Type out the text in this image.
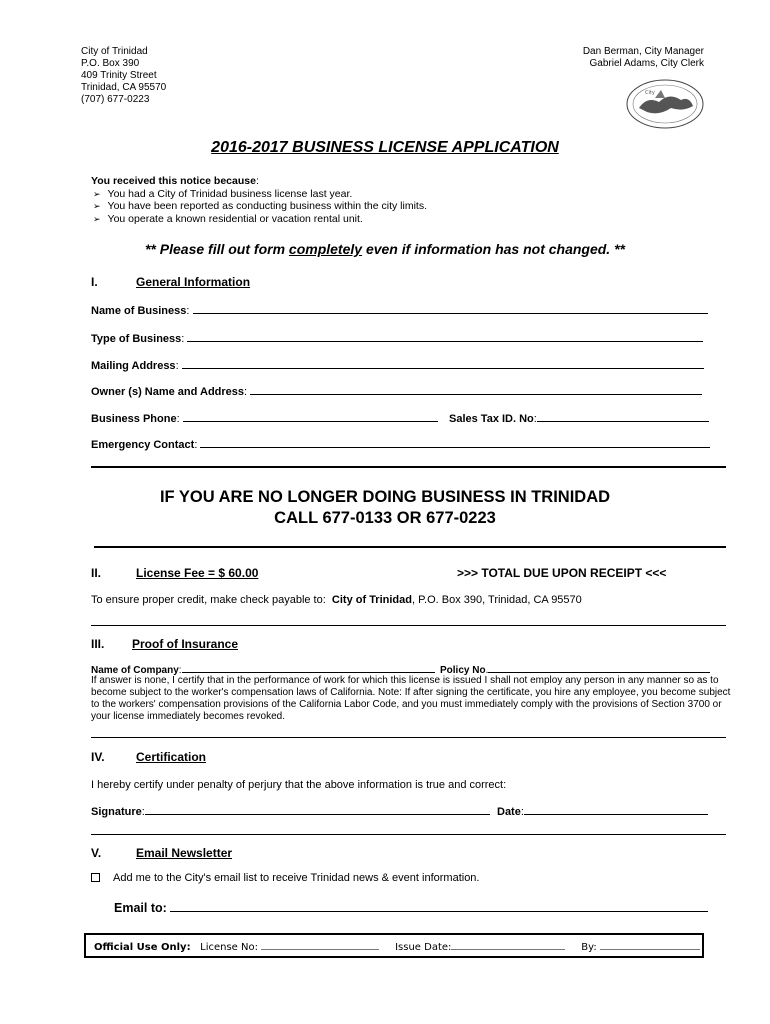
City of Trinidad
P.O. Box 390
409 Trinity Street
Trinidad, CA 95570
(707) 677-0223
Dan Berman, City Manager
Gabriel Adams, City Clerk
City
2016-2017 BUSINESS LICENSE APPLICATION
You received this notice because:
➢ You had a City of Trinidad business license last year.
➢ You have been reported as conducting business within the city limits.
➢ You operate a known residential or vacation rental unit.
** Please fill out form completely even if information has not changed. **
I.	General Information
Name of Business:
Type of Business:
Mailing Address:
Owner (s) Name and Address:
Business Phone:	Sales Tax ID. No:
Emergency Contact:
IF YOU ARE NO LONGER DOING BUSINESS IN TRINIDAD
CALL 677-0133 OR 677-0223
II.	License Fee = $ 60.00	>>> TOTAL DUE UPON RECEIPT <<<
To ensure proper credit, make check payable to: City of Trinidad, P.O. Box 390, Trinidad, CA 95570
III. Proof of Insurance
Name of Company:	Policy No.
If answer is none, I certify that in the performance of work for which this license is issued I shall not employ any person in any manner so as to become subject to the worker's compensation laws of California. Note: If after signing the certificate, you hire any employee, you become subject to the workers' compensation provisions of the California Labor Code, and you must immediately comply with the provisions of Section 3700 or your license immediately becomes revoked.
IV.	Certification
I hereby certify under penalty of perjury that the above information is true and correct:
Signature:	Date:
V.	Email Newsletter
Add me to the City's email list to receive Trinidad news & event information.
Email to:
Official Use Only: License No:	Issue Date:	By:
